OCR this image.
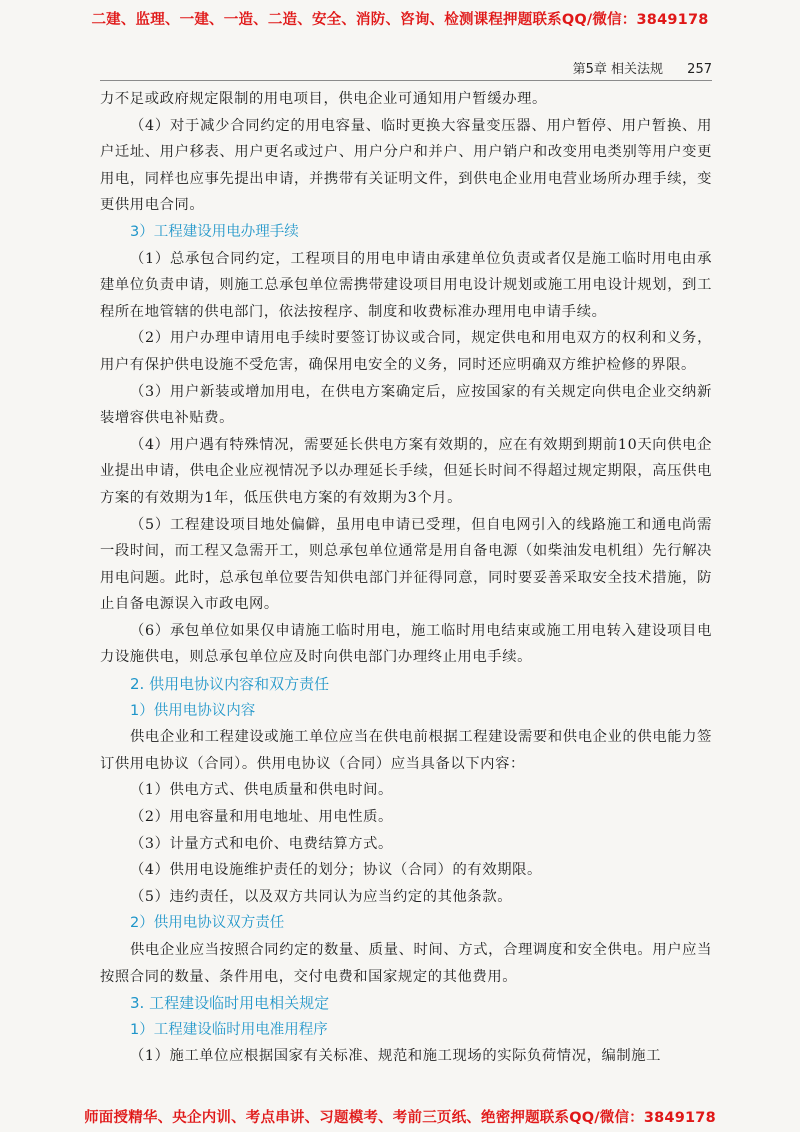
二建、监理、一建、一造、二造、安全、消防、咨询、检测课程押题联系QQ/微信：3849178
第5章 相关法规 257

力不足或政府规定限制的用电项目，供电企业可通知用户暂缓办理。

（4）对于减少合同约定的用电容量、临时更换大容量变压器、用户暂停、用户暂换、用户迁址、用户移表、用户更名或过户、用户分户和并户、用户销户和改变用电类别等用户变更用电，同样也应事先提出申请，并携带有关证明文件，到供电企业用电营业场所办理手续，变更供用电合同。

3）工程建设用电办理手续

（1）总承包合同约定，工程项目的用电申请由承建单位负责或者仅是施工临时用电由承建单位负责申请，则施工总承包单位需携带建设项目用电设计规划或施工用电设计规划，到工程所在地管辖的供电部门，依法按程序、制度和收费标准办理用电申请手续。

（2）用户办理申请用电手续时要签订协议或合同，规定供电和用电双方的权利和义务，用户有保护供电设施不受危害，确保用电安全的义务，同时还应明确双方维护检修的界限。

（3）用户新装或增加用电，在供电方案确定后，应按国家的有关规定向供电企业交纳新装增容供电补贴费。

（4）用户遇有特殊情况，需要延长供电方案有效期的，应在有效期到期前10天向供电企业提出申请，供电企业应视情况予以办理延长手续，但延长时间不得超过规定期限，高压供电方案的有效期为1年，低压供电方案的有效期为3个月。

（5）工程建设项目地处偏僻，虽用电申请已受理，但自电网引入的线路施工和通电尚需一段时间，而工程又急需开工，则总承包单位通常是用自备电源（如柴油发电机组）先行解决用电问题。此时，总承包单位要告知供电部门并征得同意，同时要妥善采取安全技术措施，防止自备电源误入市政电网。

（6）承包单位如果仅申请施工临时用电，施工临时用电结束或施工用电转入建设项目电力设施供电，则总承包单位应及时向供电部门办理终止用电手续。

2. 供用电协议内容和双方责任

1）供用电协议内容

供电企业和工程建设或施工单位应当在供电前根据工程建设需要和供电企业的供电能力签订供用电协议（合同）。供用电协议（合同）应当具备以下内容：

（1）供电方式、供电质量和供电时间。

（2）用电容量和用电地址、用电性质。

（3）计量方式和电价、电费结算方式。

（4）供用电设施维护责任的划分；协议（合同）的有效期限。

（5）违约责任，以及双方共同认为应当约定的其他条款。

2）供用电协议双方责任

供电企业应当按照合同约定的数量、质量、时间、方式，合理调度和安全供电。用户应当按照合同的数量、条件用电，交付电费和国家规定的其他费用。

3. 工程建设临时用电相关规定

1）工程建设临时用电准用程序

（1）施工单位应根据国家有关标准、规范和施工现场的实际负荷情况，编制施工

师面授精华、央企内训、考点串讲、习题模考、考前三页纸、绝密押题联系QQ/微信：3849178
